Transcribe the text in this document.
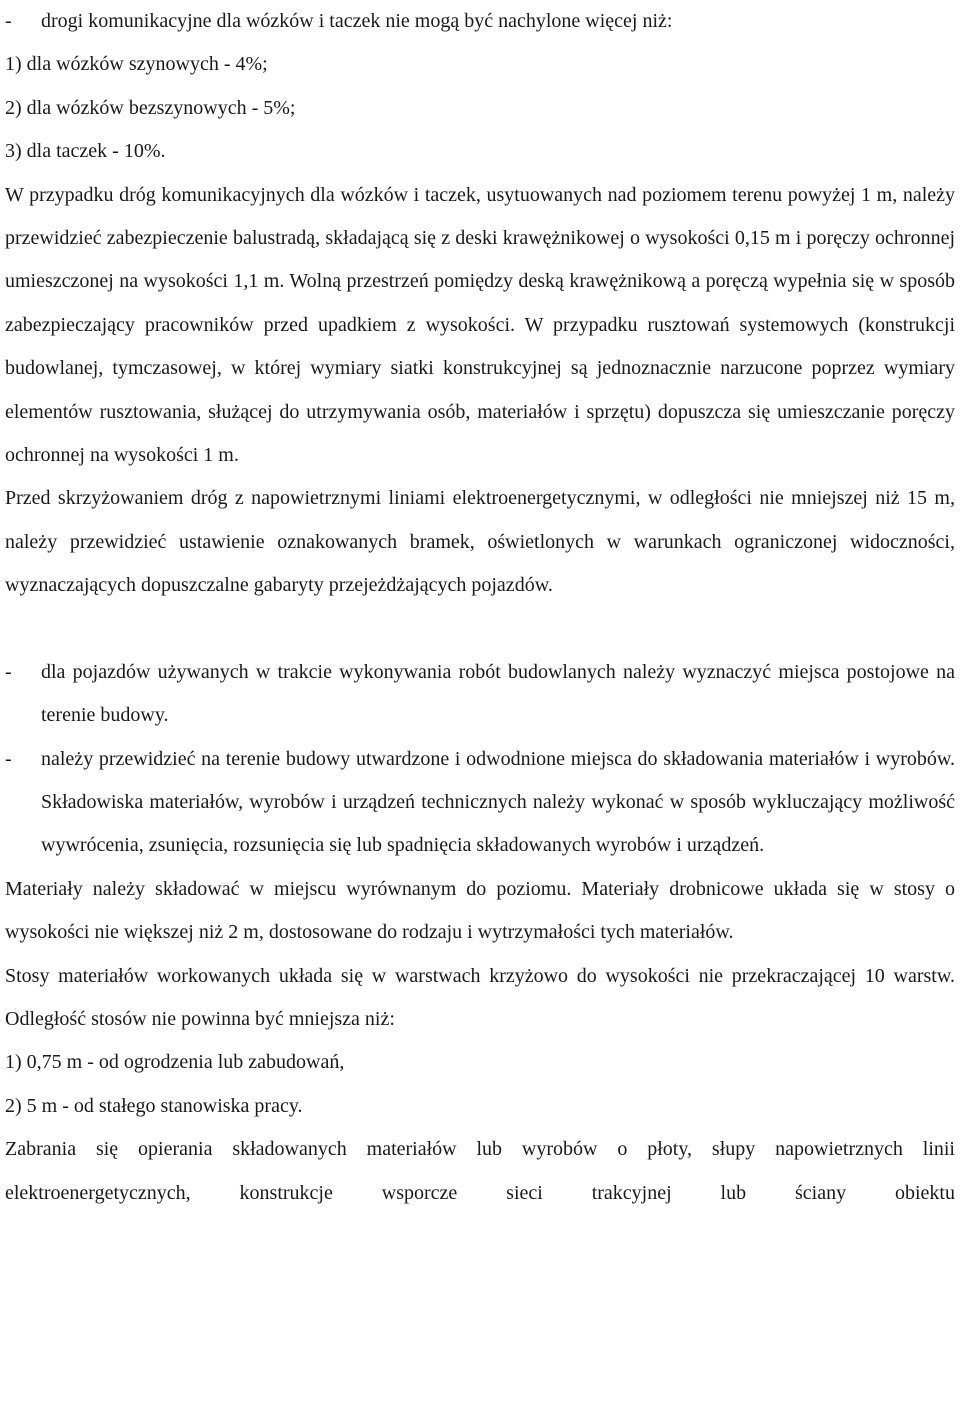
- drogi komunikacyjne dla wózków i taczek nie mogą być nachylone więcej niż:

1) dla wózków szynowych - 4%;

2) dla wózków bezszynowych - 5%;

3) dla taczek - 10%.

W przypadku dróg komunikacyjnych dla wózków i taczek, usytuowanych nad poziomem terenu powyżej 1 m, należy przewidzieć zabezpieczenie balustradą, składającą się z deski krawężnikowej o wysokości 0,15 m i poręczy ochronnej umieszczonej na wysokości 1,1 m. Wolną przestrzeń pomiędzy deską krawężnikową a poręczą wypełnia się w sposób zabezpieczający pracowników przed upadkiem z wysokości. W przypadku rusztowań systemowych (konstrukcji budowlanej, tymczasowej, w której wymiary siatki konstrukcyjnej są jednoznacznie narzucone poprzez wymiary elementów rusztowania, służącej do utrzymywania osób, materiałów i sprzętu) dopuszcza się umieszczanie poręczy ochronnej na wysokości 1 m.

Przed skrzyżowaniem dróg z napowietrznymi liniami elektroenergetycznymi, w odległości nie mniejszej niż 15 m, należy przewidzieć ustawienie oznakowanych bramek, oświetlonych w warunkach ograniczonej widoczności, wyznaczających dopuszczalne gabaryty przejeżdżających pojazdów.

- dla pojazdów używanych w trakcie wykonywania robót budowlanych należy wyznaczyć miejsca postojowe na terenie budowy.
- należy przewidzieć na terenie budowy utwardzone i odwodnione miejsca do składowania materiałów i wyrobów. Składowiska materiałów, wyrobów i urządzeń technicznych należy wykonać w sposób wykluczający możliwość wywrócenia, zsunięcia, rozsunięcia się lub spadnięcia składowanych wyrobów i urządzeń.

Materiały należy składować w miejscu wyrównanym do poziomu. Materiały drobnicowe układa się w stosy o wysokości nie większej niż 2 m, dostosowane do rodzaju i wytrzymałości tych materiałów.

Stosy materiałów workowanych układa się w warstwach krzyżowo do wysokości nie przekraczającej 10 warstw. Odległość stosów nie powinna być mniejsza niż:

1) 0,75 m - od ogrodzenia lub zabudowań,

2) 5 m - od stałego stanowiska pracy.

Zabrania się opierania składowanych materiałów lub wyrobów o płoty, słupy napowietrznych linii elektroenergetycznych, konstrukcje wsporcze sieci trakcyjnej lub ściany obiektu
